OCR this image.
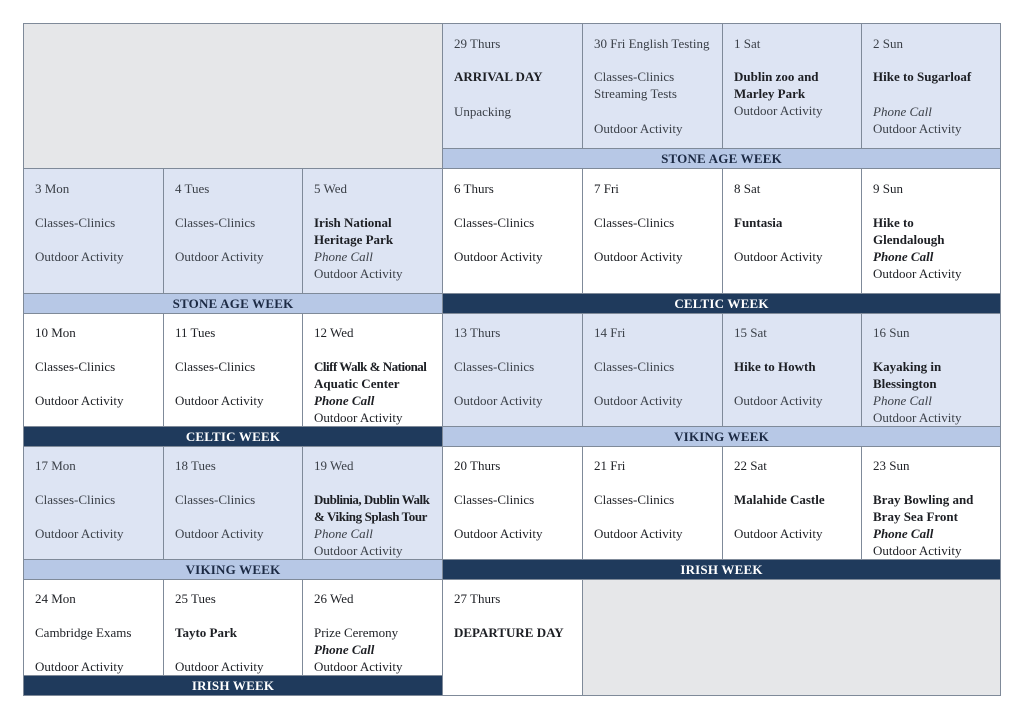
29 Thurs
ARRIVAL DAY
Unpacking
30 Fri English Testing
Classes-Clinics
Streaming Tests
Outdoor Activity
1 Sat
Dublin zoo and
Marley Park
Outdoor Activity
2 Sun
Hike to Sugarloaf
Phone Call
Outdoor Activity
STONE AGE WEEK
3 Mon
Classes-Clinics
Outdoor Activity
4 Tues
Classes-Clinics
Outdoor Activity
5 Wed
Irish National
Heritage Park
Phone Call
Outdoor Activity
6 Thurs
Classes-Clinics
Outdoor Activity
7 Fri
Classes-Clinics
Outdoor Activity
8 Sat
Funtasia
Outdoor Activity
9 Sun
Hike to
Glendalough
Phone Call
Outdoor Activity
STONE AGE WEEK	CELTIC WEEK
10 Mon
Classes-Clinics
Outdoor Activity
11 Tues
Classes-Clinics
Outdoor Activity
12 Wed
Cliff Walk & National
Aquatic Center
Phone Call
Outdoor Activity
13 Thurs
Classes-Clinics
Outdoor Activity
14 Fri
Classes-Clinics
Outdoor Activity
15 Sat
Hike to Howth
Outdoor Activity
16 Sun
Kayaking in
Blessington
Phone Call
Outdoor Activity
CELTIC WEEK	VIKING WEEK
17 Mon
Classes-Clinics
Outdoor Activity
18 Tues
Classes-Clinics
Outdoor Activity
19 Wed
Dublinia, Dublin Walk
& Viking Splash Tour
Phone Call
Outdoor Activity
20 Thurs
Classes-Clinics
Outdoor Activity
21 Fri
Classes-Clinics
Outdoor Activity
22 Sat
Malahide Castle
Outdoor Activity
23 Sun
Bray Bowling and
Bray Sea Front
Phone Call
Outdoor Activity
VIKING WEEK	IRISH WEEK
24 Mon
Cambridge Exams
Outdoor Activity
25 Tues
Tayto Park
Outdoor Activity
26 Wed
Prize Ceremony
Phone Call
Outdoor Activity
27 Thurs
DEPARTURE DAY
IRISH WEEK
